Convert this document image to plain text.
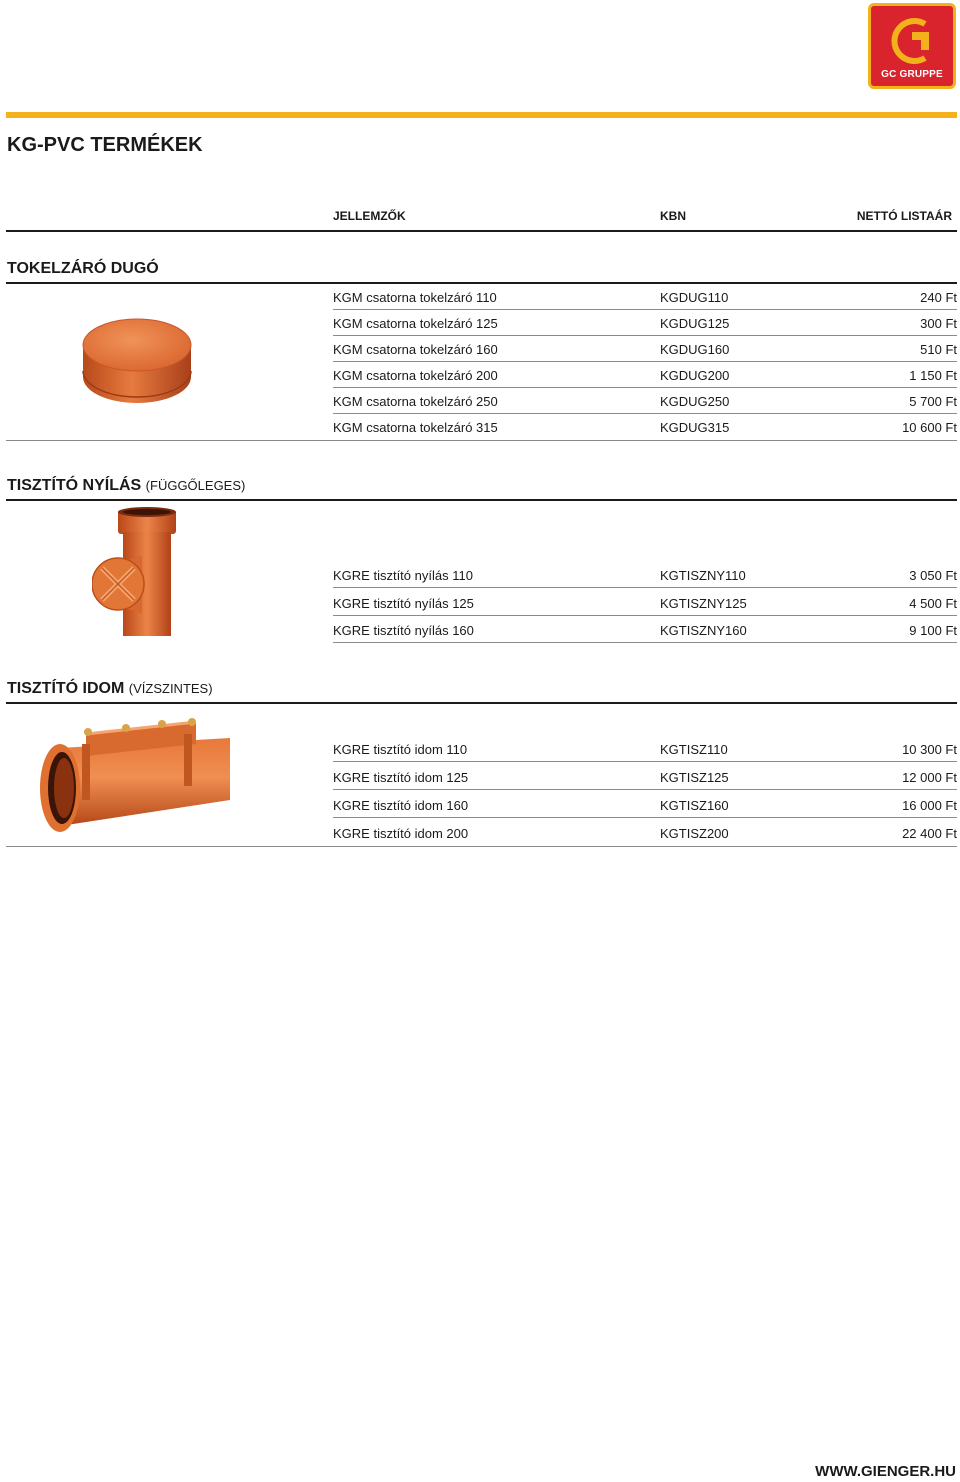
GC GRUPPE
KG-PVC TERMÉKEK
JELLEMZŐK	KBN	NETTÓ LISTAÁR
TOKELZÁRÓ DUGÓ
KGM csatorna tokelzáró 110	KGDUG110	240 Ft
KGM csatorna tokelzáró 125	KGDUG125	300 Ft
KGM csatorna tokelzáró 160	KGDUG160	510 Ft
KGM csatorna tokelzáró 200	KGDUG200	1 150 Ft
KGM csatorna tokelzáró 250	KGDUG250	5 700 Ft
KGM csatorna tokelzáró 315	KGDUG315	10 600 Ft
TISZTÍTÓ NYÍLÁS (FÜGGŐLEGES)
KGRE tisztító nyílás 110	KGTISZNY110	3 050 Ft
KGRE tisztító nyílás 125	KGTISZNY125	4 500 Ft
KGRE tisztító nyílás 160	KGTISZNY160	9 100 Ft
TISZTÍTÓ IDOM (VÍZSZINTES)
KGRE tisztító idom 110	KGTISZ110	10 300 Ft
KGRE tisztító idom 125	KGTISZ125	12 000 Ft
KGRE tisztító idom 160	KGTISZ160	16 000 Ft
KGRE tisztító idom 200	KGTISZ200	22 400 Ft
WWW.GIENGER.HU
